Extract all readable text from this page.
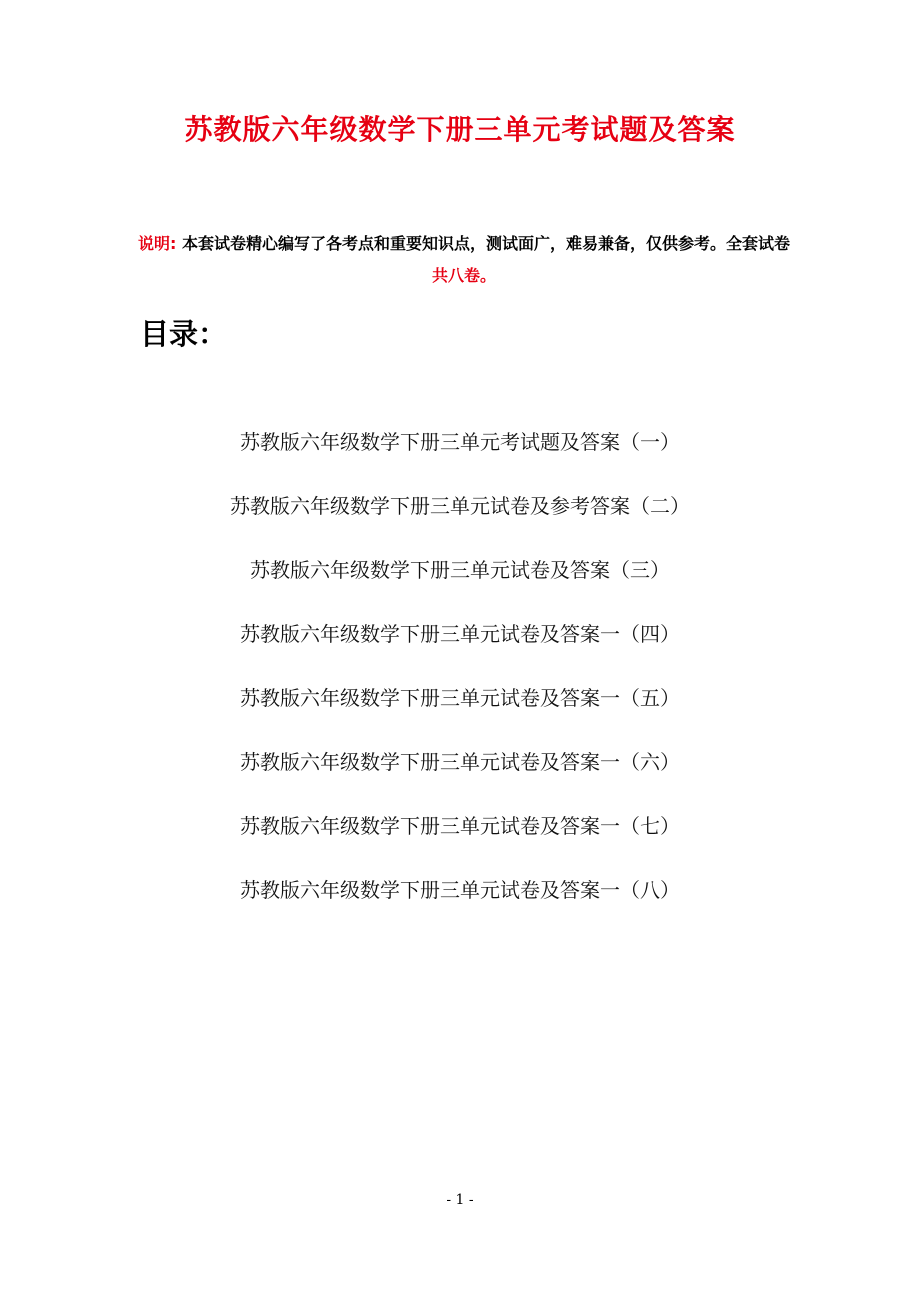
苏教版六年级数学下册三单元考试题及答案
说明: 本套试卷精心编写了各考点和重要知识点，测试面广，难易兼备，仅供参考。全套试卷共八卷。
目录：
苏教版六年级数学下册三单元考试题及答案（一）
苏教版六年级数学下册三单元试卷及参考答案（二）
苏教版六年级数学下册三单元试卷及答案（三）
苏教版六年级数学下册三单元试卷及答案一（四）
苏教版六年级数学下册三单元试卷及答案一（五）
苏教版六年级数学下册三单元试卷及答案一（六）
苏教版六年级数学下册三单元试卷及答案一（七）
苏教版六年级数学下册三单元试卷及答案一（八）
- 1 -
